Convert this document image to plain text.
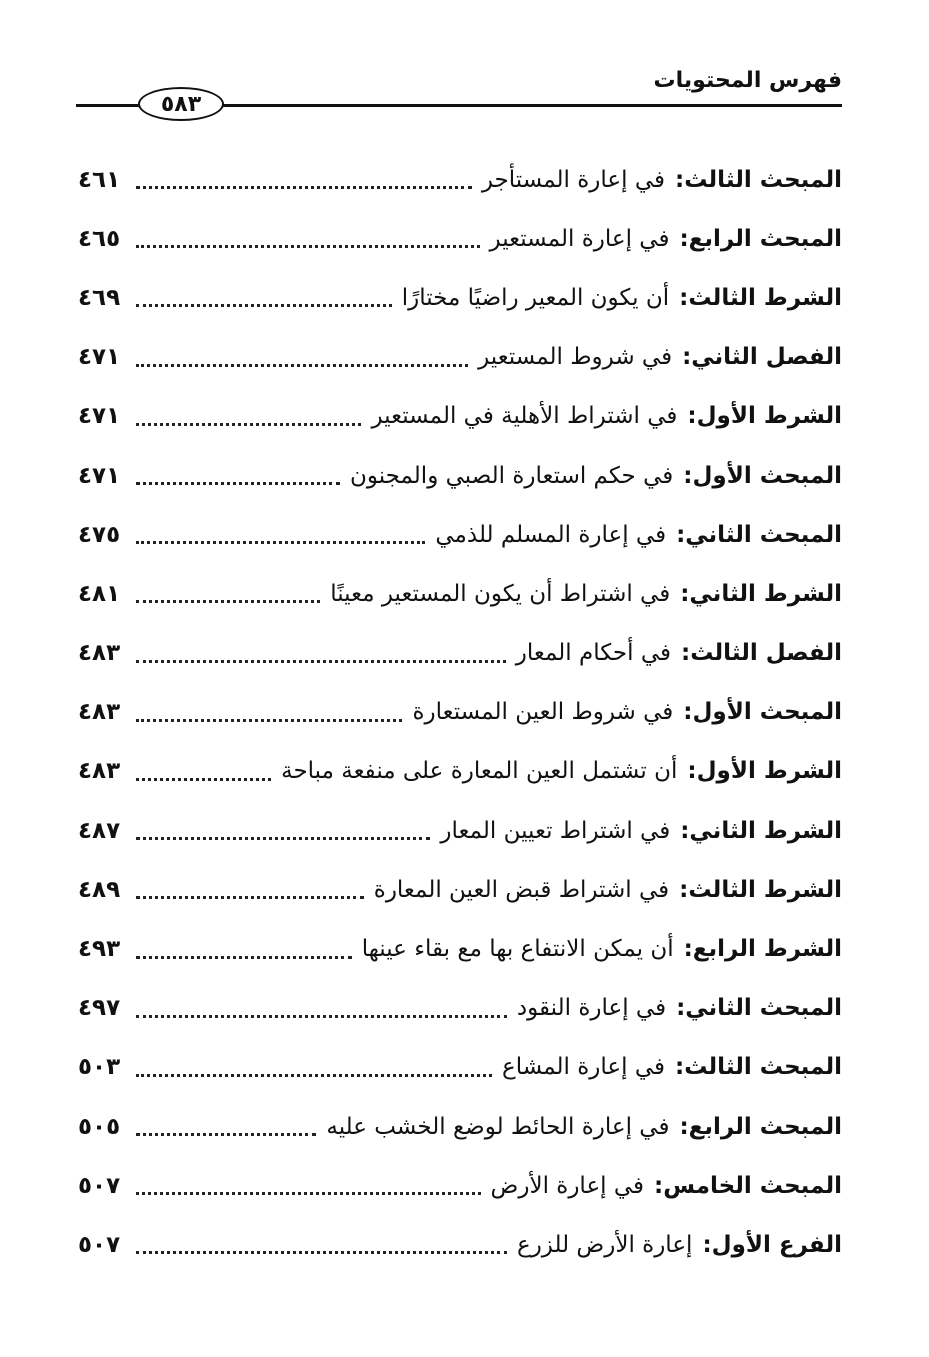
فهرس المحتويات
٥٨٣
المبحث الثالث:
في إعارة المستأجر
٤٦١
المبحث الرابع:
في إعارة المستعير
٤٦٥
الشرط الثالث:
أن يكون المعير راضيًا مختارًا
٤٦٩
الفصل الثاني:
في شروط المستعير
٤٧١
الشرط الأول:
في اشتراط الأهلية في المستعير
٤٧١
المبحث الأول:
في حكم استعارة الصبي والمجنون
٤٧١
المبحث الثاني:
في إعارة المسلم للذمي
٤٧٥
الشرط الثاني:
في اشتراط أن يكون المستعير معينًا
٤٨١
الفصل الثالث:
في أحكام المعار
٤٨٣
المبحث الأول:
في شروط العين المستعارة
٤٨٣
الشرط الأول:
أن تشتمل العين المعارة على منفعة مباحة
٤٨٣
الشرط الثاني:
في اشتراط تعيين المعار
٤٨٧
الشرط الثالث:
في اشتراط قبض العين المعارة
٤٨٩
الشرط الرابع:
أن يمكن الانتفاع بها مع بقاء عينها
٤٩٣
المبحث الثاني:
في إعارة النقود
٤٩٧
المبحث الثالث:
في إعارة المشاع
٥٠٣
المبحث الرابع:
في إعارة الحائط لوضع الخشب عليه
٥٠٥
المبحث الخامس:
في إعارة الأرض
٥٠٧
الفرع الأول:
إعارة الأرض للزرع
٥٠٧
